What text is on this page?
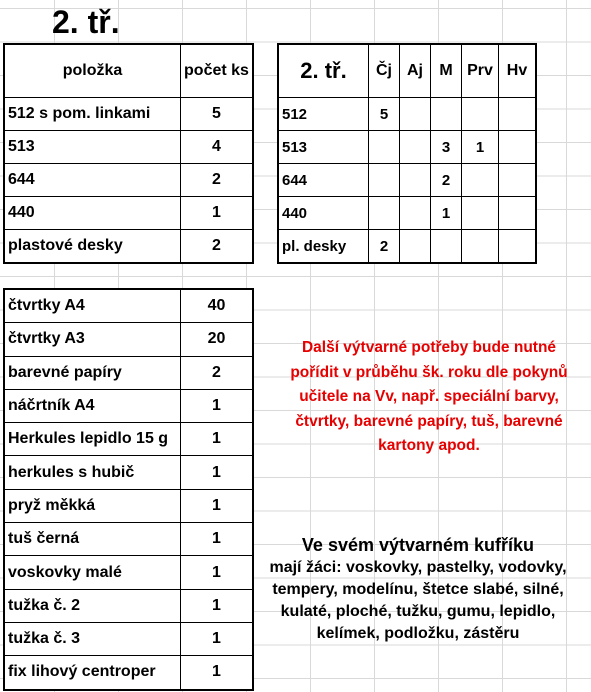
2. tř.
položka	počet ks
512 s pom. linkami	5
513	4
644	2
440	1
plastové desky	2
2. tř.	Čj	Aj	M	Prv	Hv
512	5				
513			3	1	
644			2		
440			1		
pl. desky	2				
čtvrtky A4	40
čtvrtky A3	20
barevné papíry	2
náčrtník A4	1
Herkules lepidlo 15 g	1
herkules s hubič	1
pryž měkká	1
tuš černá	1
voskovky malé	1
tužka č. 2	1
tužka č. 3	1
fix lihový centroper	1
Další výtvarné potřeby bude nutné pořídit v průběhu šk. roku dle pokynů učitele na Vv, např. speciální barvy, čtvrtky, barevné papíry, tuš, barevné kartony apod.
Ve svém výtvarném kufříku
mají žáci: voskovky, pastelky, vodovky, tempery, modelínu, štetce slabé, silné, kulaté, ploché, tužku, gumu, lepidlo, kelímek, podložku, zástěru
